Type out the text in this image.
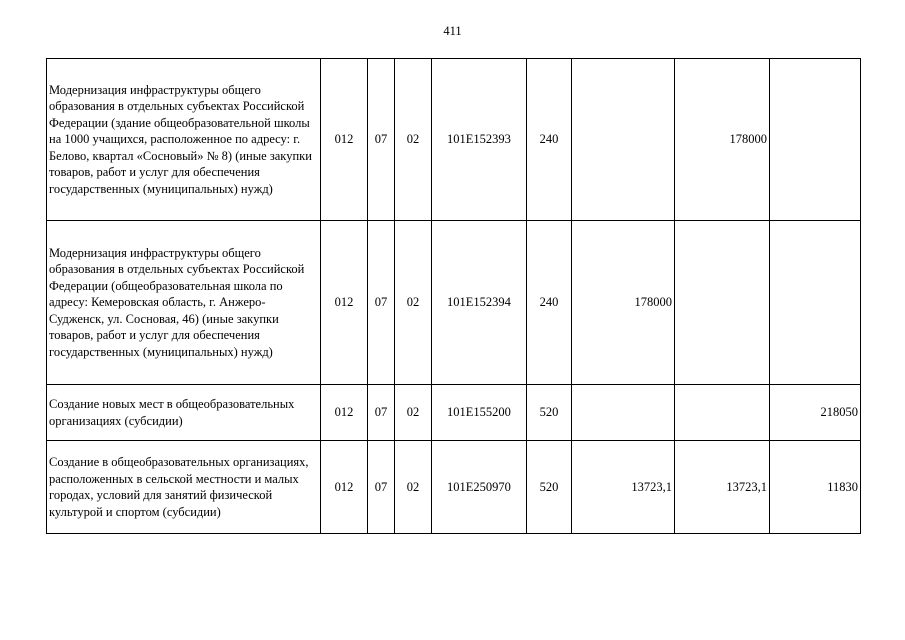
411
Модернизация инфраструктуры общего образования в отдельных субъектах Российской Федерации (здание общеобразовательной школы на 1000 учащихся, расположенное по адресу: г. Белово, квартал «Сосновый» № 8) (иные закупки товаров, работ и услуг для обеспечения государственных (муниципальных) нужд)	012	07	02	101Е152393	240		178000	
Модернизация инфраструктуры общего образования в отдельных субъектах Российской Федерации (общеобразовательная школа по адресу: Кемеровская область, г. Анжеро-Судженск, ул. Сосновая, 46) (иные закупки товаров, работ и услуг для обеспечения государственных (муниципальных) нужд)	012	07	02	101Е152394	240	178000		
Создание новых мест в общеобразовательных организациях (субсидии)	012	07	02	101Е155200	520			218050
Создание в общеобразовательных организациях, расположенных в сельской местности и малых городах, условий для занятий физической культурой и спортом (субсидии)	012	07	02	101Е250970	520	13723,1	13723,1	11830
